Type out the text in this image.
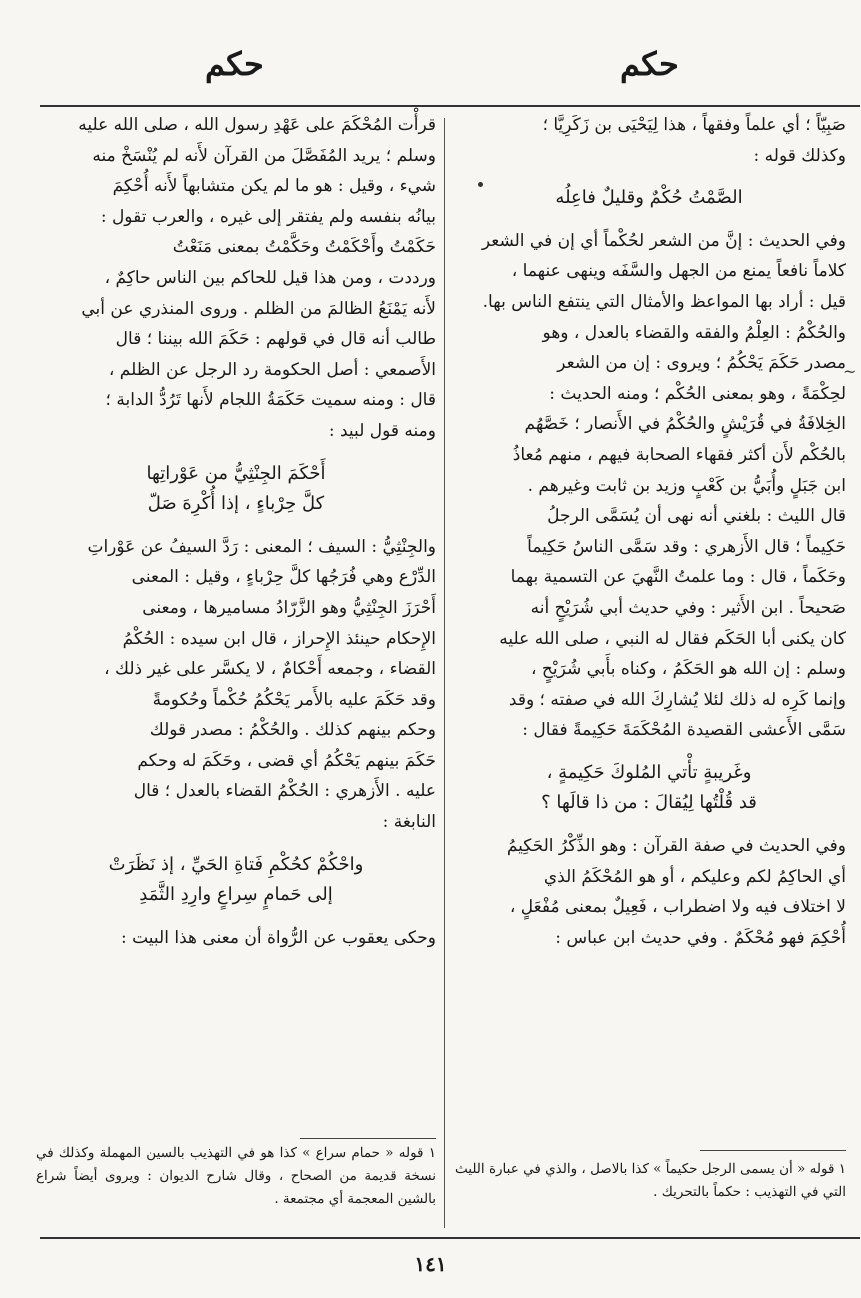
حكم
حكم

صَبِيّاً ؛ أي علماً وفقهاً ، هذا لِيَحْيَى بن زَكَرِيَّا ؛

وكذلك قوله :

الصَّمْتُ حُكْمٌ وقليلٌ فاعِلُه

وفي الحديث : إنَّ من الشعر لحُكْماً أي إن في الشعر

كلاماً نافعاً يمنع من الجهل والسَّفَه وينهى عنهما ،

قيل : أراد بها المواعظ والأمثال التي ينتفع الناس بها.

والحُكْمُ : العِلْمُ والفقه والقضاء بالعدل ، وهو

مصدر حَكَمَ يَحْكُمُ ؛ ويروى : إن من الشعر

لحِكْمَةً ، وهو بمعنى الحُكْم ؛ ومنه الحديث :

الخِلافَةُ في قُرَيْشٍ والحُكْمُ في الأَنصار ؛ خَصَّهُم

بالحُكْم لأَن أكثر فقهاء الصحابة فيهم ، منهم مُعاذُ

ابن جَبَلٍ وأُبَيُّ بن كَعْبٍ وزيد بن ثابت وغيرهم .

قال الليث : بلغني أنه نهى أن يُسَمَّى الرجلُ

حَكِيماً ؛ قال الأَزهري : وقد سَمَّى الناسُ حَكِيماً

وحَكَماً ، قال : وما علمتُ النَّهيَ عن التسمية بهما

صَحيحاً . ابن الأَثير : وفي حديث أبي شُرَيْحٍ أنه

كان يكنى أبا الحَكَم فقال له النبي ، صلى الله عليه

وسلم : إن الله هو الحَكَمُ ، وكناه بأَبي شُرَيْحٍ ،

وإنما كَرِه له ذلك لئلا يُشارِكَ الله في صفته ؛ وقد

سَمَّى الأَعشى القصيدة المُحْكَمَةَ حَكِيمةً فقال :

وغَريبةٍ تأْتي المُلوكَ حَكِيمةٍ ،

قد قُلْتُها لِيُقالَ : من ذا قالَها ؟

وفي الحديث في صفة القرآن : وهو الذِّكْرُ الحَكِيمُ

أي الحاكِمُ لكم وعليكم ، أو هو المُحْكَمُ الذي

لا اختلاف فيه ولا اضطراب ، فَعِيلٌ بمعنى مُفْعَلٍ ،

أُحْكِمَ فهو مُحْكَمٌ . وفي حديث ابن عباس :

قرأْت المُحْكَمَ على عَهْدِ رسول الله ، صلى الله عليه

وسلم ؛ يريد المُفَصَّلَ من القرآن لأَنه لم يُنْسَخْ منه

شيء ، وقيل : هو ما لم يكن متشابهاً لأَنه أُحْكِمَ

بيانُه بنفسه ولم يفتقر إلى غيره ، والعرب تقول :

حَكَمْتُ وأَحْكَمْتُ وحَكَّمْتُ بمعنى مَنَعْتُ

ورددت ، ومن هذا قيل للحاكم بين الناس حاكِمٌ ،

لأَنه يَمْنَعُ الظالمَ من الظلم . وروى المنذري عن أبي

طالب أنه قال في قولهم : حَكَمَ الله بيننا ؛ قال

الأَصمعي : أصل الحكومة رد الرجل عن الظلم ،

قال : ومنه سميت حَكَمَةُ اللجام لأَنها تَرُدُّ الدابة ؛

ومنه قول لبيد :

أَحْكَمَ الجِنْثِيُّ من عَوْراتِها

كلَّ حِرْباءٍ ، إذا أُكْرِهَ صَلّ

والجِنْثِيُّ : السيف ؛ المعنى : رَدَّ السيفُ عن عَوْراتِ

الدِّرْع وهي فُرَجُها كلَّ حِرْباءٍ ، وقيل : المعنى

أَحْرَزَ الجِنْثِيُّ وهو الزَّرّادُ مساميرها ، ومعنى

الإِحكام حينئذ الإِحراز ، قال ابن سيده : الحُكْمُ

القضاء ، وجمعه أَحْكامٌ ، لا يكسَّر على غير ذلك ،

وقد حَكَمَ عليه بالأَمر يَحْكُمُ حُكْماً وحُكومةً

وحكم بينهم كذلك . والحُكْمُ : مصدر قولك

حَكَمَ بينهم يَحْكُمُ أي قضى ، وحَكَمَ له وحكم

عليه . الأَزهري : الحُكْمُ القضاء بالعدل ؛ قال

النابغة :

واحْكُمْ كحُكْمِ فَتاةِ الحَيِّ ، إذ نَظَرَتْ

إلى حَمامٍ سِراعٍ وارِدِ الثَّمَدِ

وحكى يعقوب عن الرُّواة أن معنى هذا البيت :

١ قوله « أن يسمى الرجل حكيماً » كذا بالاصل ، والذي في عبارة الليث التي في التهذيب : حكماً بالتحريك .
١ قوله « حمام سراع » كذا هو في التهذيب بالسين المهملة وكذلك في نسخة قديمة من الصحاح ، وقال شارح الديوان : ويروى أيضاً شراع بالشين المعجمة أي مجتمعة .
~
١٤١
